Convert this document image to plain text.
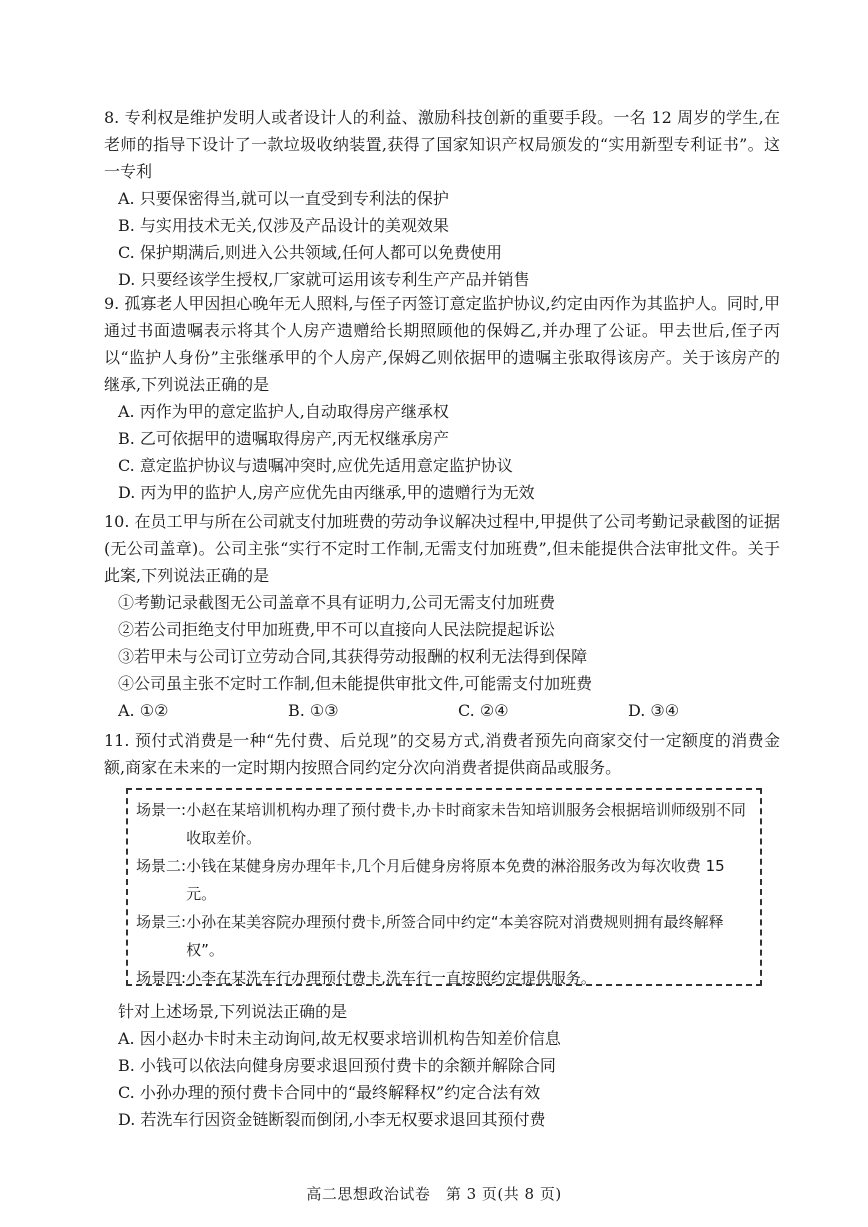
8. 专利权是维护发明人或者设计人的利益、激励科技创新的重要手段。一名 12 周岁的学生,在老师的指导下设计了一款垃圾收纳装置,获得了国家知识产权局颁发的“实用新型专利证书”。这一专利

A. 只要保密得当,就可以一直受到专利法的保护

B. 与实用技术无关,仅涉及产品设计的美观效果

C. 保护期满后,则进入公共领域,任何人都可以免费使用

D. 只要经该学生授权,厂家就可运用该专利生产产品并销售

9. 孤寡老人甲因担心晚年无人照料,与侄子丙签订意定监护协议,约定由丙作为其监护人。同时,甲通过书面遗嘱表示将其个人房产遗赠给长期照顾他的保姆乙,并办理了公证。甲去世后,侄子丙以“监护人身份”主张继承甲的个人房产,保姆乙则依据甲的遗嘱主张取得该房产。关于该房产的继承,下列说法正确的是

A. 丙作为甲的意定监护人,自动取得房产继承权

B. 乙可依据甲的遗嘱取得房产,丙无权继承房产

C. 意定监护协议与遗嘱冲突时,应优先适用意定监护协议

D. 丙为甲的监护人,房产应优先由丙继承,甲的遗赠行为无效

10. 在员工甲与所在公司就支付加班费的劳动争议解决过程中,甲提供了公司考勤记录截图的证据(无公司盖章)。公司主张“实行不定时工作制,无需支付加班费”,但未能提供合法审批文件。关于此案,下列说法正确的是

①考勤记录截图无公司盖章不具有证明力,公司无需支付加班费

②若公司拒绝支付甲加班费,甲不可以直接向人民法院提起诉讼

③若甲未与公司订立劳动合同,其获得劳动报酬的权利无法得到保障

④公司虽主张不定时工作制,但未能提供审批文件,可能需支付加班费

A. ①②	B. ①③	C. ②④	D. ③④

11. 预付式消费是一种“先付费、后兑现”的交易方式,消费者预先向商家交付一定额度的消费金额,商家在未来的一定时期内按照合同约定分次向消费者提供商品或服务。

场景一: 小赵在某培训机构办理了预付费卡,办卡时商家未告知培训服务会根据培训师级别不同收取差价。
场景二: 小钱在某健身房办理年卡,几个月后健身房将原本免费的淋浴服务改为每次收费 15 元。
场景三: 小孙在某美容院办理预付费卡,所签合同中约定“本美容院对消费规则拥有最终解释权”。
场景四: 小李在某洗车行办理预付费卡,洗车行一直按照约定提供服务。

针对上述场景,下列说法正确的是

A. 因小赵办卡时未主动询问,故无权要求培训机构告知差价信息

B. 小钱可以依法向健身房要求退回预付费卡的余额并解除合同

C. 小孙办理的预付费卡合同中的“最终解释权”约定合法有效

D. 若洗车行因资金链断裂而倒闭,小李无权要求退回其预付费

高二思想政治试卷　第 3 页(共 8 页)
